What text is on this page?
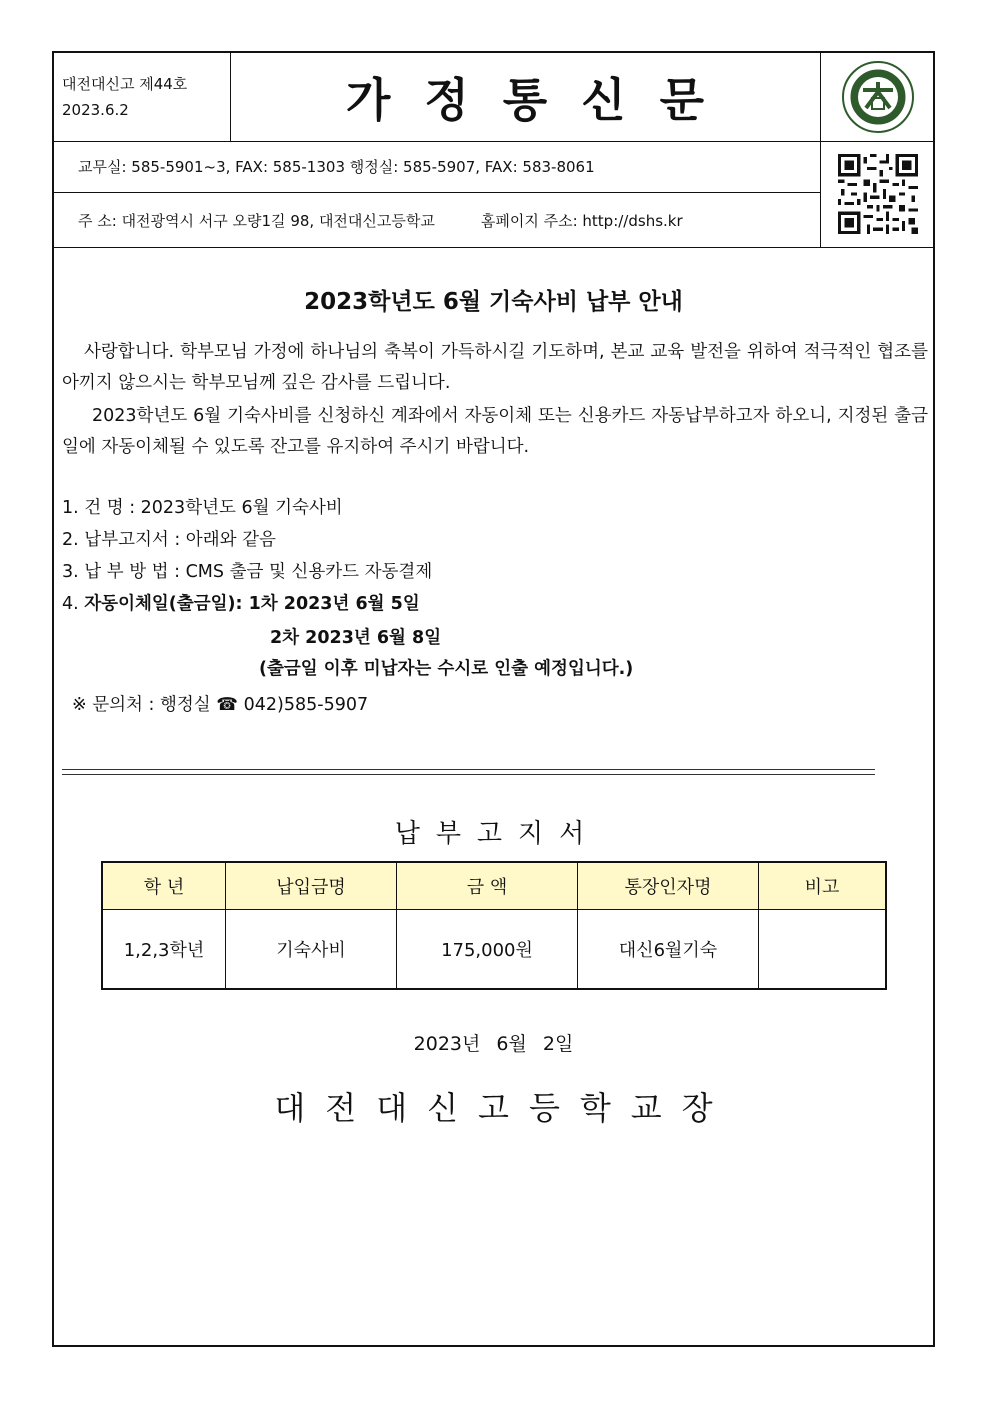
대전대신고 제44호
2023.6.2	가정통신문
교무실: 585-5901~3, FAX: 585-1303 행정실: 585-5907, FAX: 583-8061
주 소: 대전광역시 서구 오량1길 98, 대전대신고등학교	홈페이지 주소: http://dshs.kr
2023학년도 6월 기숙사비 납부 안내
사랑합니다. 학부모님 가정에 하나님의 축복이 가득하시길 기도하며, 본교 교육 발전을 위하여 적극적인 협조를 아끼지 않으시는 학부모님께 깊은 감사를 드립니다.
2023학년도 6월 기숙사비를 신청하신 계좌에서 자동이체 또는 신용카드 자동납부하고자 하오니, 지정된 출금일에 자동이체될 수 있도록 잔고를 유지하여 주시기 바랍니다.
1. 건 명 : 2023학년도 6월 기숙사비
2. 납부고지서 : 아래와 같음
3. 납 부 방 법 : CMS 출금 및 신용카드 자동결제
4. 자동이체일(출금일): 1차 2023년 6월 5일
2차 2023년 6월 8일
(출금일 이후 미납자는 수시로 인출 예정입니다.)
※ 문의처 : 행정실 ☎ 042)585-5907
납부고지서
학 년	납입금명	금 액	통장인자명	비고
1,2,3학년	기숙사비	175,000원	대신6월기숙	
2023년 6월 2일
대전대신고등학교장
